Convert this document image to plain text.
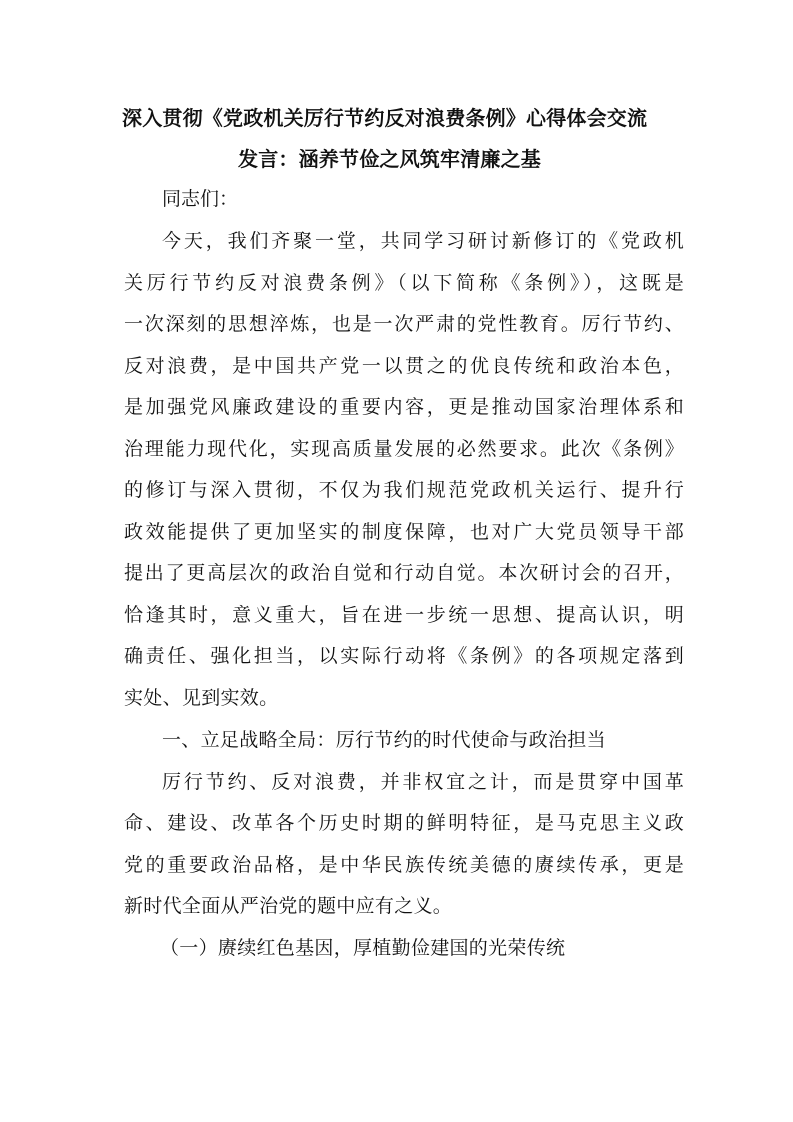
深入贯彻《党政机关厉行节约反对浪费条例》心得体会交流
发言：涵养节俭之风筑牢清廉之基
同志们：
今天，我们齐聚一堂，共同学习研讨新修订的《党政机
关厉行节约反对浪费条例》（以下简称《条例》），这既是
一次深刻的思想淬炼，也是一次严肃的党性教育。厉行节约、
反对浪费，是中国共产党一以贯之的优良传统和政治本色，
是加强党风廉政建设的重要内容，更是推动国家治理体系和
治理能力现代化，实现高质量发展的必然要求。此次《条例》
的修订与深入贯彻，不仅为我们规范党政机关运行、提升行
政效能提供了更加坚实的制度保障，也对广大党员领导干部
提出了更高层次的政治自觉和行动自觉。本次研讨会的召开，
恰逢其时，意义重大，旨在进一步统一思想、提高认识，明
确责任、强化担当，以实际行动将《条例》的各项规定落到
实处、见到实效。
一、立足战略全局：厉行节约的时代使命与政治担当
厉行节约、反对浪费，并非权宜之计，而是贯穿中国革
命、建设、改革各个历史时期的鲜明特征，是马克思主义政
党的重要政治品格，是中华民族传统美德的赓续传承，更是
新时代全面从严治党的题中应有之义。
（一）赓续红色基因，厚植勤俭建国的光荣传统
